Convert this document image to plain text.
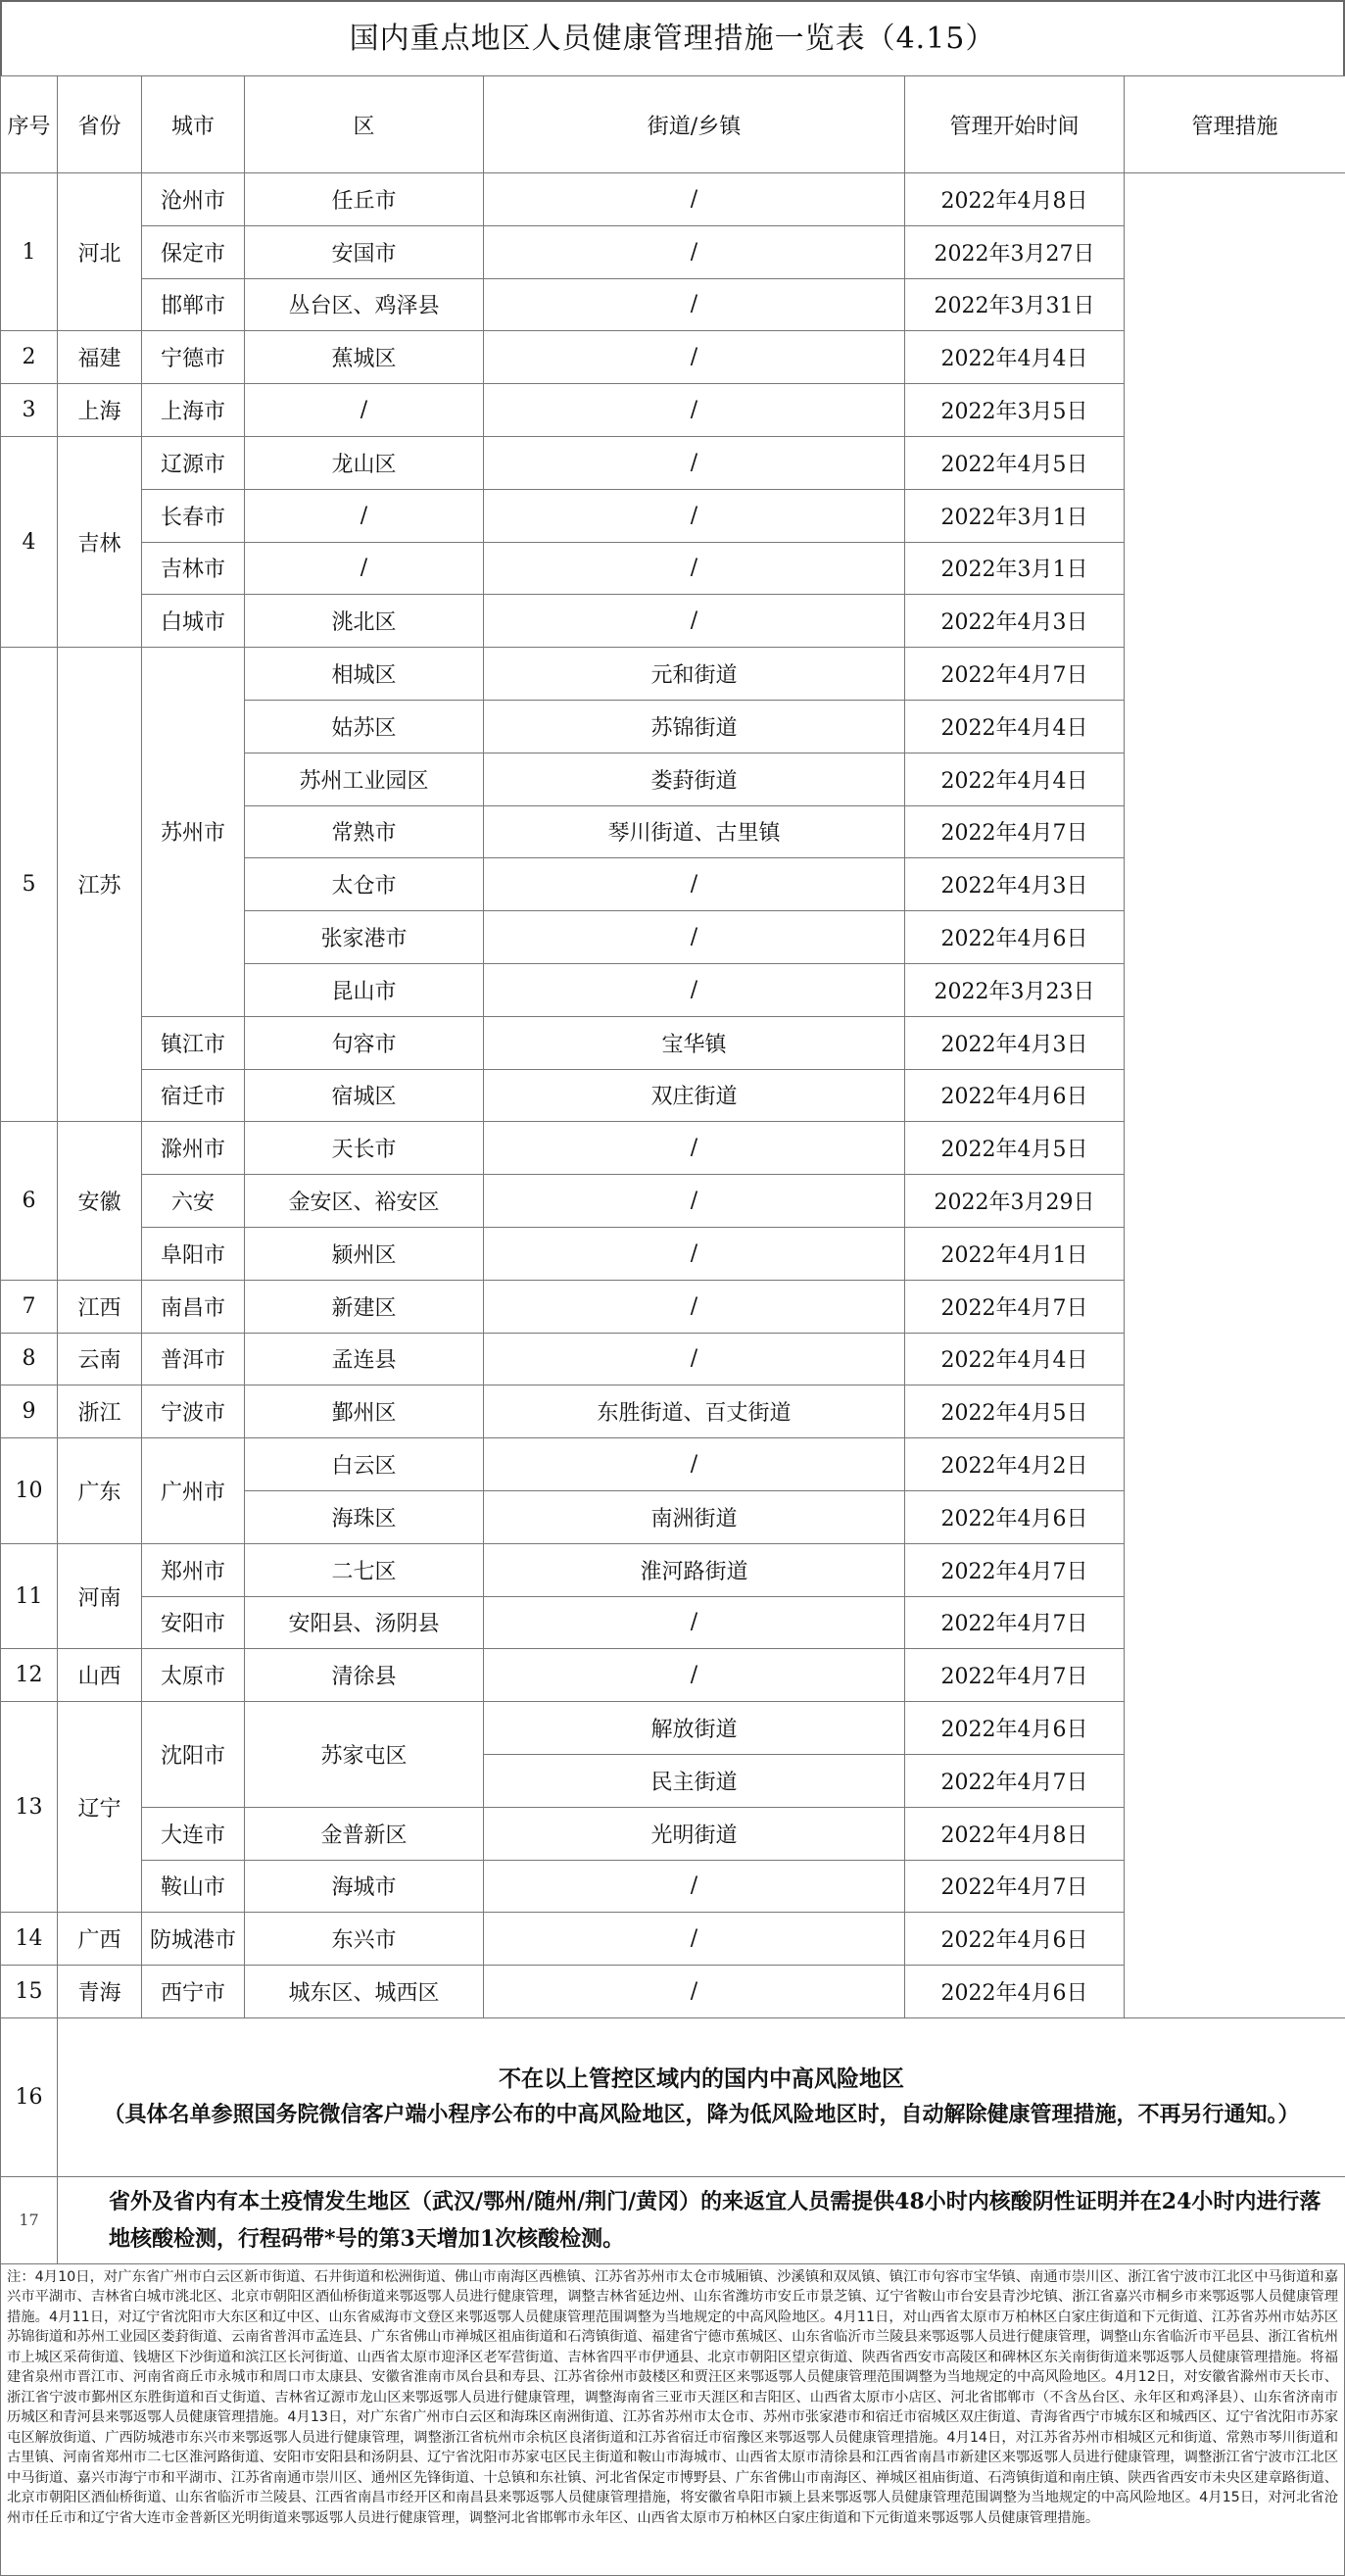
国内重点地区人员健康管理措施一览表（4.15）
序号	省份	城市	区	街道/乡镇	管理开始时间	管理措施
1	河北	沧州市	任丘市	/	2022年4月8日	
		保定市	安国市	/	2022年3月27日	
		邯郸市	丛台区、鸡泽县	/	2022年3月31日	
2	福建	宁德市	蕉城区	/	2022年4月4日	
3	上海	上海市	/	/	2022年3月5日	
4	吉林	辽源市	龙山区	/	2022年4月5日	
		长春市	/	/	2022年3月1日	
		吉林市	/	/	2022年3月1日	
		白城市	洮北区	/	2022年4月3日	
5	江苏	苏州市	相城区	元和街道	2022年4月7日	
			姑苏区	苏锦街道	2022年4月4日	
			苏州工业园区	娄葑街道	2022年4月4日	
			常熟市	琴川街道、古里镇	2022年4月7日	
			太仓市	/	2022年4月3日	
			张家港市	/	2022年4月6日	
			昆山市	/	2022年3月23日	
		镇江市	句容市	宝华镇	2022年4月3日	
		宿迁市	宿城区	双庄街道	2022年4月6日	
6	安徽	滁州市	天长市	/	2022年4月5日	
		六安	金安区、裕安区	/	2022年3月29日	
		阜阳市	颍州区	/	2022年4月1日	
7	江西	南昌市	新建区	/	2022年4月7日	
8	云南	普洱市	孟连县	/	2022年4月4日	
9	浙江	宁波市	鄞州区	东胜街道、百丈街道	2022年4月5日	
10	广东	广州市	白云区	/	2022年4月2日	
			海珠区	南洲街道	2022年4月6日	
11	河南	郑州市	二七区	淮河路街道	2022年4月7日	
		安阳市	安阳县、汤阴县	/	2022年4月7日	
12	山西	太原市	清徐县	/	2022年4月7日	
13	辽宁	沈阳市	苏家屯区	解放街道	2022年4月6日	
				民主街道	2022年4月7日	
		大连市	金普新区	光明街道	2022年4月8日	
		鞍山市	海城市	/	2022年4月7日	
14	广西	防城港市	东兴市	/	2022年4月6日	
15	青海	西宁市	城东区、城西区	/	2022年4月6日	
16	不在以上管控区域内的国内中高风险地区
（具体名单参照国务院微信客户端小程序公布的中高风险地区，降为低风险地区时，自动解除健康管理措施，不再另行通知。）					

17	省外及省内有本土疫情发生地区（武汉/鄂州/随州/荆门/黄冈）的来返宜人员需提供48小时内核酸阴性证明并在24小时内进行落地核酸检测，行程码带*号的第3天增加1次核酸检测。					
注：4月10日，对广东省广州市白云区新市街道、石井街道和松洲街道、佛山市南海区西樵镇、江苏省苏州市太仓市城厢镇、沙溪镇和双凤镇、镇江市句容市宝华镇、南通市崇川区、浙江省宁波市江北区中马街道和嘉兴市平湖市、吉林省白城市洮北区、北京市朝阳区酒仙桥街道来鄂返鄂人员进行健康管理，调整吉林省延边州、山东省潍坊市安丘市景芝镇、辽宁省鞍山市台安县青沙坨镇、浙江省嘉兴市桐乡市来鄂返鄂人员健康管理措施。4月11日，对辽宁省沈阳市大东区和辽中区、山东省威海市文登区来鄂返鄂人员健康管理范围调整为当地规定的中高风险地区。4月11日，对山西省太原市万柏林区白家庄街道和下元街道、江苏省苏州市姑苏区苏锦街道和苏州工业园区娄葑街道、云南省普洱市孟连县、广东省佛山市禅城区祖庙街道和石湾镇街道、福建省宁德市蕉城区、山东省临沂市兰陵县来鄂返鄂人员进行健康管理，调整山东省临沂市平邑县、浙江省杭州市上城区采荷街道、钱塘区下沙街道和滨江区长河街道、山西省太原市迎泽区老军营街道、吉林省四平市伊通县、北京市朝阳区望京街道、陕西省西安市高陵区和碑林区东关南街街道来鄂返鄂人员健康管理措施。将福建省泉州市晋江市、河南省商丘市永城市和周口市太康县、安徽省淮南市凤台县和寿县、江苏省徐州市鼓楼区和贾汪区来鄂返鄂人员健康管理范围调整为当地规定的中高风险地区。4月12日，对安徽省滁州市天长市、浙江省宁波市鄞州区东胜街道和百丈街道、吉林省辽源市龙山区来鄂返鄂人员进行健康管理，调整海南省三亚市天涯区和吉阳区、山西省太原市小店区、河北省邯郸市（不含丛台区、永年区和鸡泽县）、山东省济南市历城区和青河县来鄂返鄂人员健康管理措施。4月13日，对广东省广州市白云区和海珠区南洲街道、江苏省苏州市太仓市、苏州市张家港市和宿迁市宿城区双庄街道、青海省西宁市城东区和城西区、辽宁省沈阳市苏家屯区解放街道、广西防城港市东兴市来鄂返鄂人员进行健康管理，调整浙江省杭州市余杭区良渚街道和江苏省宿迁市宿豫区来鄂返鄂人员健康管理措施。4月14日，对江苏省苏州市相城区元和街道、常熟市琴川街道和古里镇、河南省郑州市二七区淮河路街道、安阳市安阳县和汤阴县、辽宁省沈阳市苏家屯区民主街道和鞍山市海城市、山西省太原市清徐县和江西省南昌市新建区来鄂返鄂人员进行健康管理，调整浙江省宁波市江北区中马街道、嘉兴市海宁市和平湖市、江苏省南通市崇川区、通州区先锋街道、十总镇和东社镇、河北省保定市博野县、广东省佛山市南海区、禅城区祖庙街道、石湾镇街道和南庄镇、陕西省西安市未央区建章路街道、北京市朝阳区酒仙桥街道、山东省临沂市兰陵县、江西省南昌市经开区和南昌县来鄂返鄂人员健康管理措施，将安徽省阜阳市颍上县来鄂返鄂人员健康管理范围调整为当地规定的中高风险地区。4月15日，对河北省沧州市任丘市和辽宁省大连市金普新区光明街道来鄂返鄂人员进行健康管理，调整河北省邯郸市永年区、山西省太原市万柏林区白家庄街道和下元街道来鄂返鄂人员健康管理措施。
